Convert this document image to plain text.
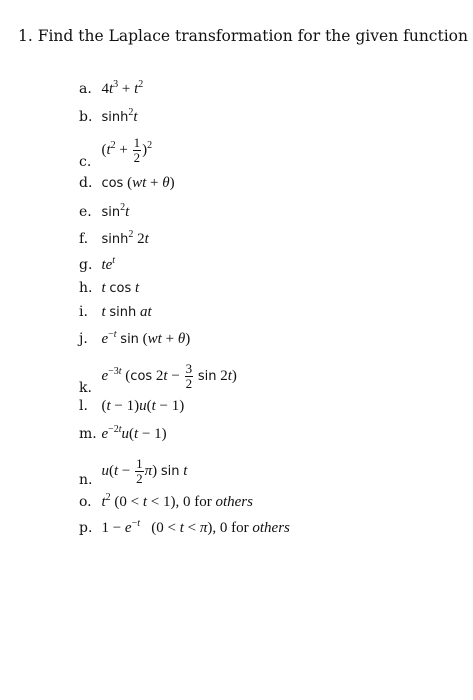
1. Find the Laplace transformation for the given function
a. $4t^3 + t^2$
b. $\sinh^2t$
c. $(t^2 + \frac{1}{2} )^2$
d. cos (wt + θ)
e. $\sin^2t$
f. $\sinh^2 2t$
g. $te^t$
h. t cos t
i. t sinh at
j. $e^{-t}$ sin (wt + θ)
k. $e^{-3t}$ (cos $2t - \frac{3}{2}$ sin 2t)
l. (t − 1)u(t − 1)
m. $e^{-2t}u(t - 1)$
n. $u(t - \frac{1}{2} \pi)$ sin t
o. $t^2$ (0 < t < 1), 0 for others
p. $1 - e^{-t}$   (0 < t < π), 0 for others
